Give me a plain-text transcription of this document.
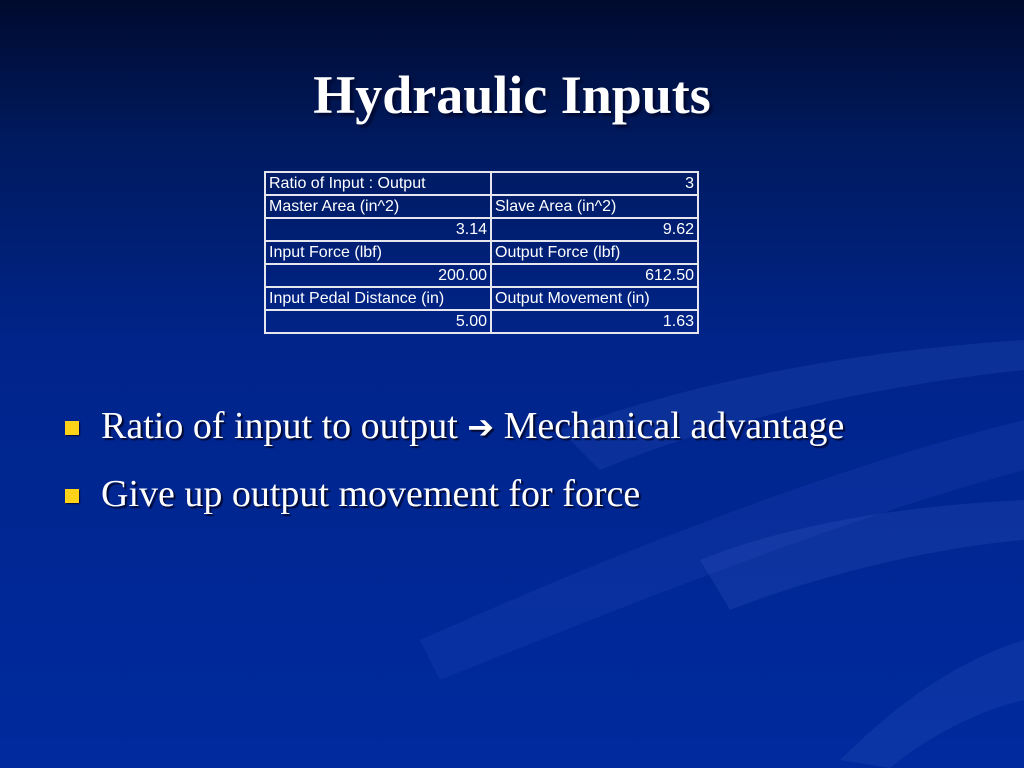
Hydraulic Inputs
Ratio of Input : Output	3
Master Area (in^2)	Slave Area (in^2)
3.14	9.62
Input Force (lbf)	Output Force (lbf)
200.00	612.50
Input Pedal Distance (in)	Output Movement (in)
5.00	1.63
Ratio of input to output ➔ Mechanical advantage
Give up output movement for force
